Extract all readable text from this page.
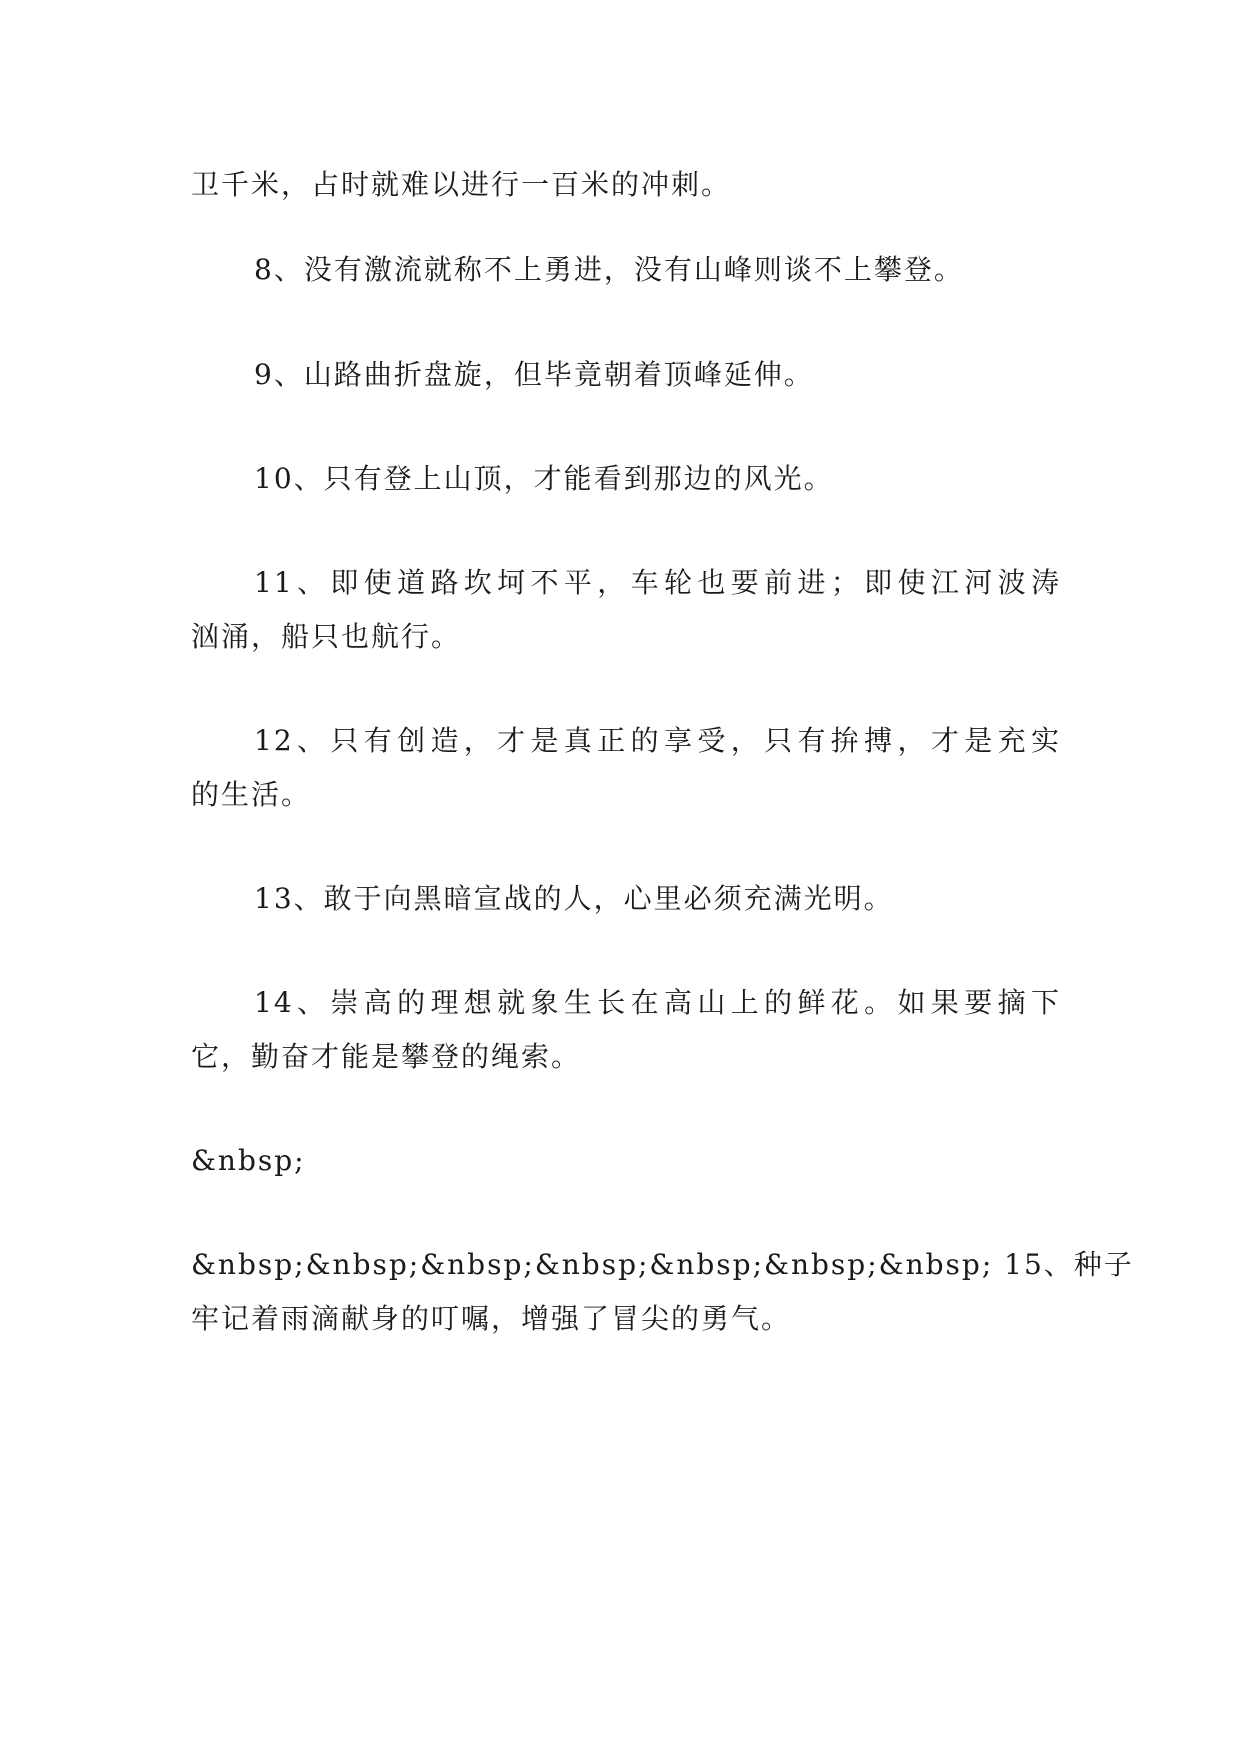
卫千米，占时就难以进行一百米的冲刺。

8、没有激流就称不上勇进，没有山峰则谈不上攀登。

9、山路曲折盘旋，但毕竟朝着顶峰延伸。

10、只有登上山顶，才能看到那边的风光。

11、即使道路坎坷不平，车轮也要前进；即使江河波涛

汹涌，船只也航行。

12、只有创造，才是真正的享受，只有拚搏，才是充实

的生活。

13、敢于向黑暗宣战的人，心里必须充满光明。

14、崇高的理想就象生长在高山上的鲜花。如果要摘下

它，勤奋才能是攀登的绳索。

&nbsp;

&nbsp;&nbsp;&nbsp;&nbsp;&nbsp;&nbsp;&nbsp; 15、种子

牢记着雨滴献身的叮嘱，增强了冒尖的勇气。
